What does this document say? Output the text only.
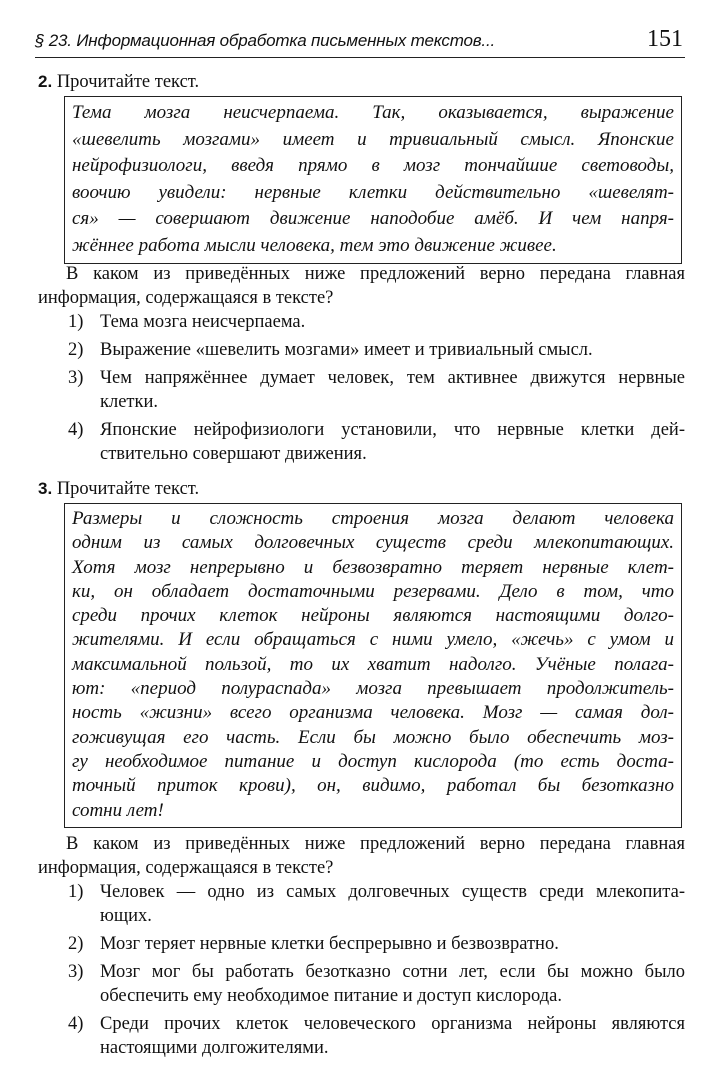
§ 23. Информационная обработка письменных текстов...	151
2. Прочитайте текст.
Тема мозга неисчерпаема. Так, оказывается, выражение
«шевелить мозгами» имеет и тривиальный смысл. Японские
нейрофизиологи, введя прямо в мозг тончайшие световоды,
воочию увидели: нервные клетки действительно «шевелят-
ся» — совершают движение наподобие амёб. И чем напря-
жённее работа мысли человека, тем это движение живее.
В каком из приведённых ниже предложений верно передана главная
информация, содержащаяся в тексте?
1) Тема мозга неисчерпаема.
2) Выражение «шевелить мозгами» имеет и тривиальный смысл.
3) Чем напряжённее думает человек, тем активнее движутся нервные
клетки.
4) Японские нейрофизиологи установили, что нервные клетки дей-
ствительно совершают движения.
3. Прочитайте текст.
Размеры и сложность строения мозга делают человека
одним из самых долговечных существ среди млекопитающих.
Хотя мозг непрерывно и безвозвратно теряет нервные клет-
ки, он обладает достаточными резервами. Дело в том, что
среди прочих клеток нейроны являются настоящими долго-
жителями. И если обращаться с ними умело, «жечь» с умом и
максимальной пользой, то их хватит надолго. Учёные полага-
ют: «период полураспада» мозга превышает продолжитель-
ность «жизни» всего организма человека. Мозг — самая дол-
гоживущая его часть. Если бы можно было обеспечить моз-
гу необходимое питание и доступ кислорода (то есть доста-
точный приток крови), он, видимо, работал бы безотказно
сотни лет!
В каком из приведённых ниже предложений верно передана главная
информация, содержащаяся в тексте?
1) Человек — одно из самых долговечных существ среди млекопита-
ющих.
2) Мозг теряет нервные клетки беспрерывно и безвозвратно.
3) Мозг мог бы работать безотказно сотни лет, если бы можно было
обеспечить ему необходимое питание и доступ кислорода.
4) Среди прочих клеток человеческого организма нейроны являются
настоящими долгожителями.
